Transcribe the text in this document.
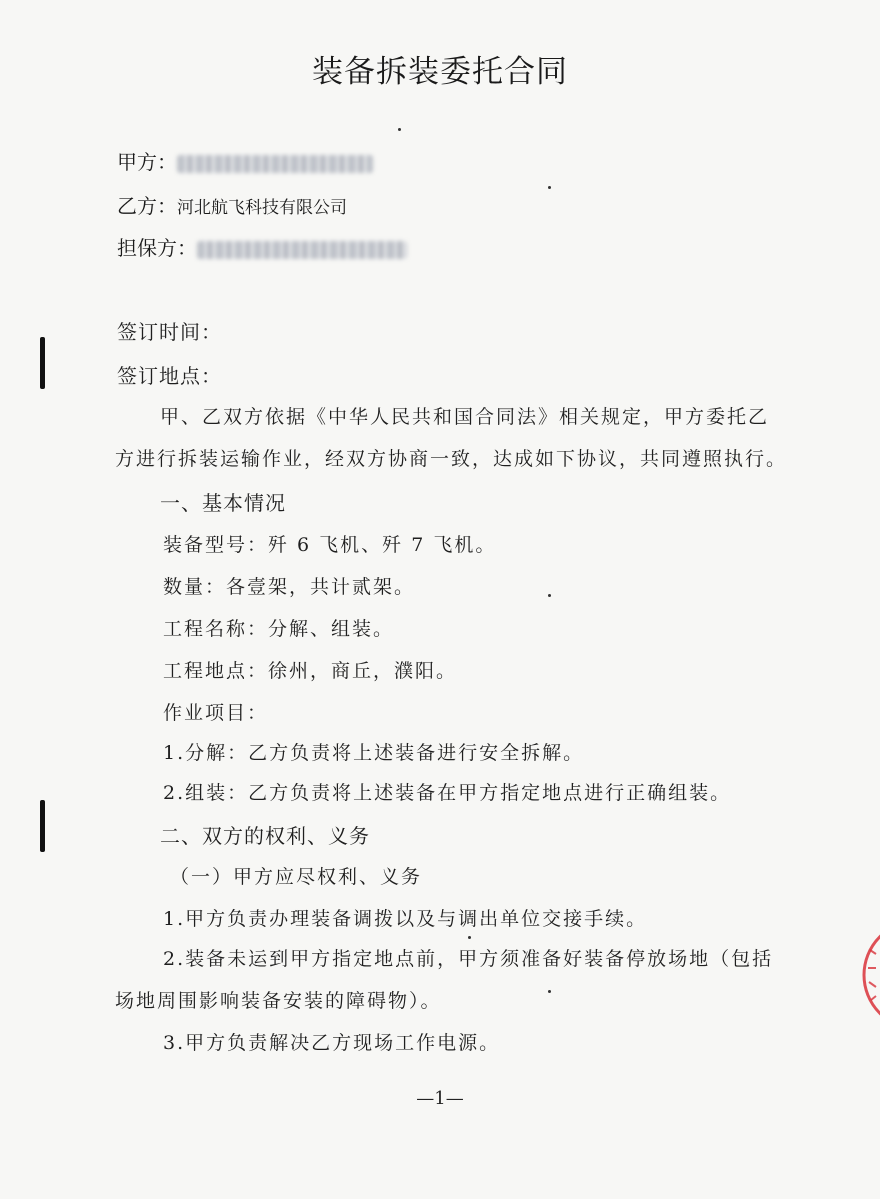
装备拆装委托合同
甲方：
乙方：河北航飞科技有限公司
担保方：
签订时间：
签订地点：
甲、乙双方依据《中华人民共和国合同法》相关规定，甲方委托乙
方进行拆装运输作业，经双方协商一致，达成如下协议，共同遵照执行。
一、基本情况
装备型号：歼 6 飞机、歼 7 飞机。
数量：各壹架，共计贰架。
工程名称：分解、组装。
工程地点：徐州，商丘，濮阳。
作业项目：
1.分解：乙方负责将上述装备进行安全拆解。
2.组装：乙方负责将上述装备在甲方指定地点进行正确组装。
二、双方的权利、义务
（一）甲方应尽权利、义务
1.甲方负责办理装备调拨以及与调出单位交接手续。
2.装备未运到甲方指定地点前，甲方须准备好装备停放场地（包括
场地周围影响装备安装的障碍物）。
3.甲方负责解决乙方现场工作电源。
—1—
